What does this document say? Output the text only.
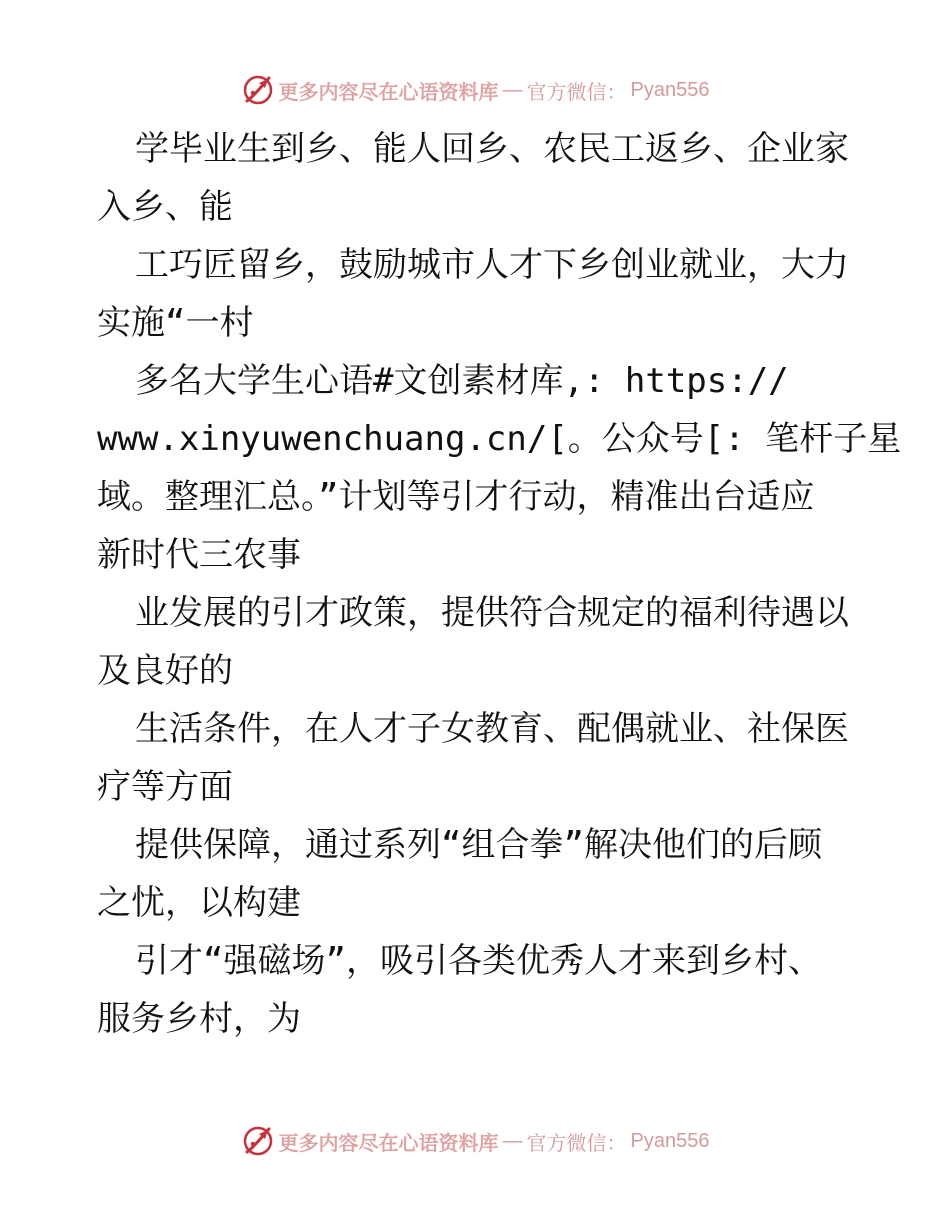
更多内容尽在心语资料库 — 官方微信： Pyan556
学毕业生到乡、能人回乡、农民工返乡、企业家
入乡、能
工巧匠留乡，鼓励城市人才下乡创业就业，大力
实施“一村
多名大学生心语#文创素材库,: https://
www.xinyuwenchuang.cn/[。公众号[: 笔杆子星
域。整理汇总。”计划等引才行动，精准出台适应
新时代三农事
业发展的引才政策，提供符合规定的福利待遇以
及良好的
生活条件，在人才子女教育、配偶就业、社保医
疗等方面
提供保障，通过系列“组合拳”解决他们的后顾
之忧，以构建
引才“强磁场”，吸引各类优秀人才来到乡村、
服务乡村，为
更多内容尽在心语资料库 — 官方微信： Pyan556
